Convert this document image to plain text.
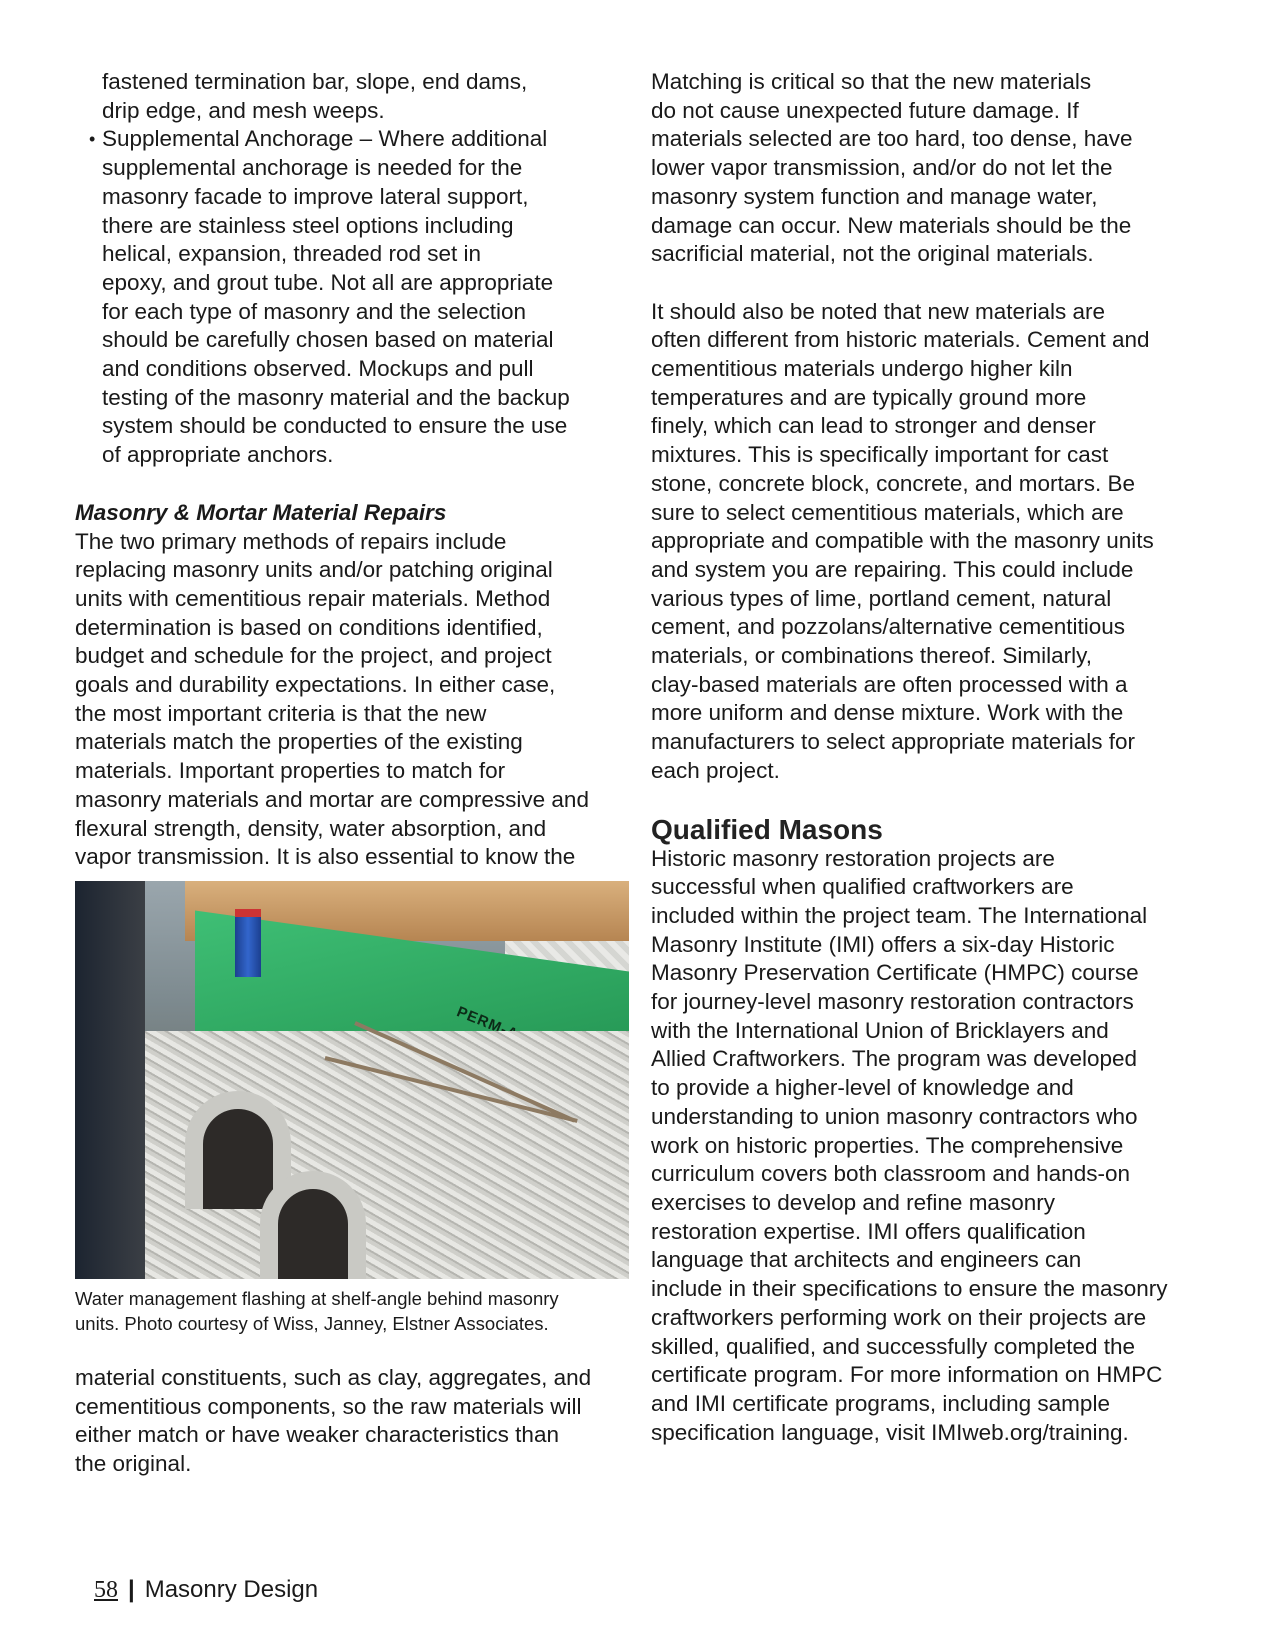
fastened termination bar, slope, end dams,
drip edge, and mesh weeps.

• Supplemental Anchorage – Where additional
supplemental anchorage is needed for the
masonry facade to improve lateral support,
there are stainless steel options including
helical, expansion, threaded rod set in
epoxy, and grout tube. Not all are appropriate
for each type of masonry and the selection
should be carefully chosen based on material
and conditions observed. Mockups and pull
testing of the masonry material and the backup
system should be conducted to ensure the use
of appropriate anchors.

Masonry & Mortar Material Repairs

The two primary methods of repairs include
replacing masonry units and/or patching original
units with cementitious repair materials. Method
determination is based on conditions identified,
budget and schedule for the project, and project
goals and durability expectations. In either case,
the most important criteria is that the new
materials match the properties of the existing
materials. Important properties to match for
masonry materials and mortar are compressive and
flexural strength, density, water absorption, and
vapor transmission. It is also essential to know the

Water management flashing at shelf-angle behind masonry
units. Photo courtesy of Wiss, Janney, Elstner Associates.

material constituents, such as clay, aggregates, and
cementitious components, so the raw materials will
either match or have weaker characteristics than
the original.

Matching is critical so that the new materials
do not cause unexpected future damage. If
materials selected are too hard, too dense, have
lower vapor transmission, and/or do not let the
masonry system function and manage water,
damage can occur. New materials should be the
sacrificial material, not the original materials.

It should also be noted that new materials are
often different from historic materials. Cement and
cementitious materials undergo higher kiln
temperatures and are typically ground more
finely, which can lead to stronger and denser
mixtures. This is specifically important for cast
stone, concrete block, concrete, and mortars. Be
sure to select cementitious materials, which are
appropriate and compatible with the masonry units
and system you are repairing. This could include
various types of lime, portland cement, natural
cement, and pozzolans/alternative cementitious
materials, or combinations thereof. Similarly,
clay-based materials are often processed with a
more uniform and dense mixture. Work with the
manufacturers to select appropriate materials for
each project.

Qualified Masons

Historic masonry restoration projects are
successful when qualified craftworkers are
included within the project team. The International
Masonry Institute (IMI) offers a six-day Historic
Masonry Preservation Certificate (HMPC) course
for journey-level masonry restoration contractors
with the International Union of Bricklayers and
Allied Craftworkers. The program was developed
to provide a higher-level of knowledge and
understanding to union masonry contractors who
work on historic properties. The comprehensive
curriculum covers both classroom and hands-on
exercises to develop and refine masonry
restoration expertise. IMI offers qualification
language that architects and engineers can
include in their specifications to ensure the masonry
craftworkers performing work on their projects are
skilled, qualified, and successfully completed the
certificate program. For more information on HMPC
and IMI certificate programs, including sample
specification language, visit IMIweb.org/training.

58 | Masonry Design
